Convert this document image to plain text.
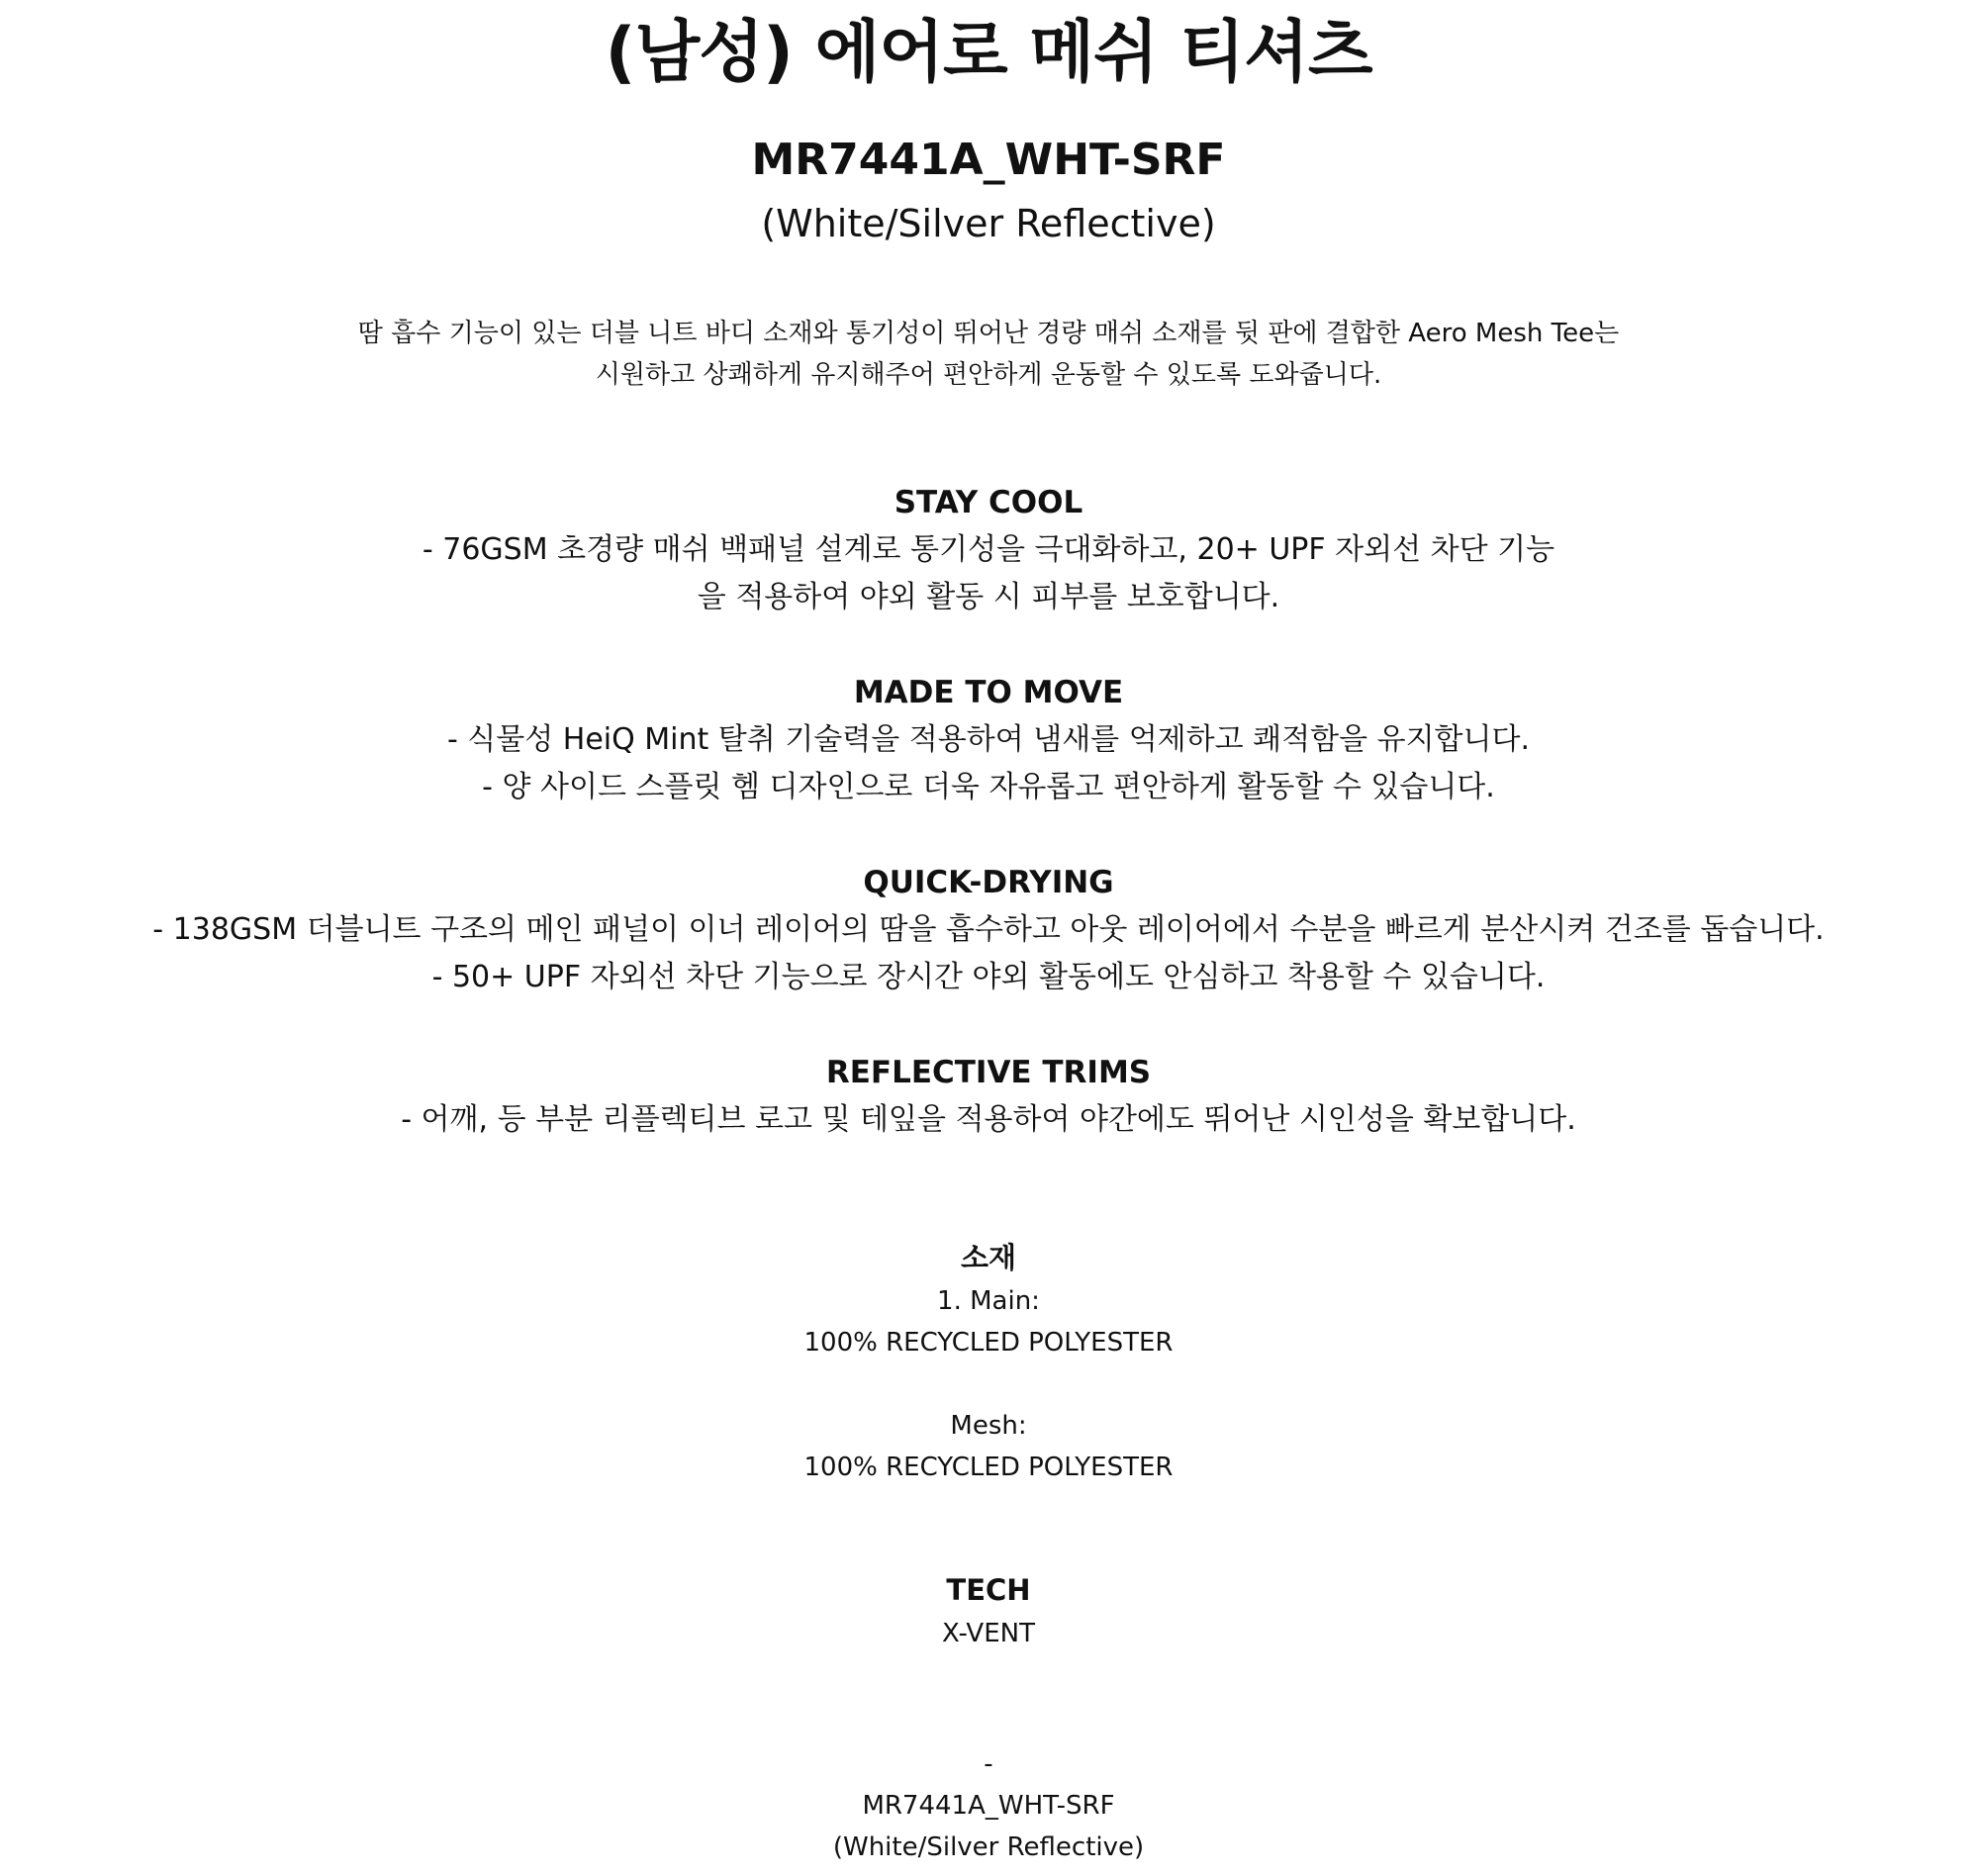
(남성) 에어로 메쉬 티셔츠
MR7441A_WHT-SRF
(White/Silver Reflective)
땀 흡수 기능이 있는 더블 니트 바디 소재와 통기성이 뛰어난 경량 매쉬 소재를 뒷 판에 결합한 Aero Mesh Tee는
시원하고 상쾌하게 유지해주어 편안하게 운동할 수 있도록 도와줍니다.
STAY COOL
- 76GSM 초경량 매쉬 백패널 설계로 통기성을 극대화하고, 20+ UPF 자외선 차단 기능
을 적용하여 야외 활동 시 피부를 보호합니다.
MADE TO MOVE
- 식물성 HeiQ Mint 탈취 기술력을 적용하여 냄새를 억제하고 쾌적함을 유지합니다.
- 양 사이드 스플릿 헴 디자인으로 더욱 자유롭고 편안하게 활동할 수 있습니다.
QUICK-DRYING
- 138GSM 더블니트 구조의 메인 패널이 이너 레이어의 땀을 흡수하고 아웃 레이어에서 수분을 빠르게 분산시켜 건조를 돕습니다.
- 50+ UPF 자외선 차단 기능으로 장시간 야외 활동에도 안심하고 착용할 수 있습니다.
REFLECTIVE TRIMS
- 어깨, 등 부분 리플렉티브 로고 및 테잎을 적용하여 야간에도 뛰어난 시인성을 확보합니다.
소재
1. Main:
100% RECYCLED POLYESTER
Mesh:
100% RECYCLED POLYESTER
TECH
X-VENT
-
MR7441A_WHT-SRF
(White/Silver Reflective)
